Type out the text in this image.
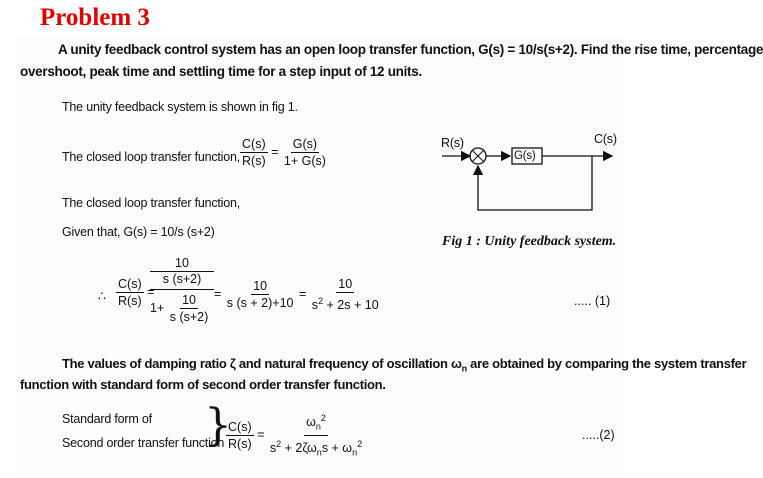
Problem 3
A unity feedback control system has an open loop transfer function, G(s) = 10/s(s+2). Find the rise time, percentage
overshoot, peak time and settling time for a step input of 12 units.
The unity feedback system is shown in fig 1.
The closed loop transfer function, $\frac{C(s)}{R(s)} = \frac{G(s)}{1+ G(s)}$
The closed loop transfer function,
Given that, G(s) = 10/s (s+2)
∴ $\frac{C(s)}{R(s)}$ =
10
s (s+2)
$1+ \frac{10}{s (s+2)} = \frac{10}{s (s + 2)+10} = \frac{10}{s^2 + 2s + 10}$	..... (1)
The values of damping ratio ζ and natural frequency of oscillation $\omega_n$ are obtained by comparing the system transfer
function with standard form of second order transfer function.
Standard form of
Second order transfer function
}
$\frac{C(s)}{R(s)} = \frac{\omega_n^2}{s^2 + 2\zeta\omega_ns + \omega_n^2}$	.....(2)
R(s)	C(s)
G(s)
Fig 1 : Unity feedback system.
